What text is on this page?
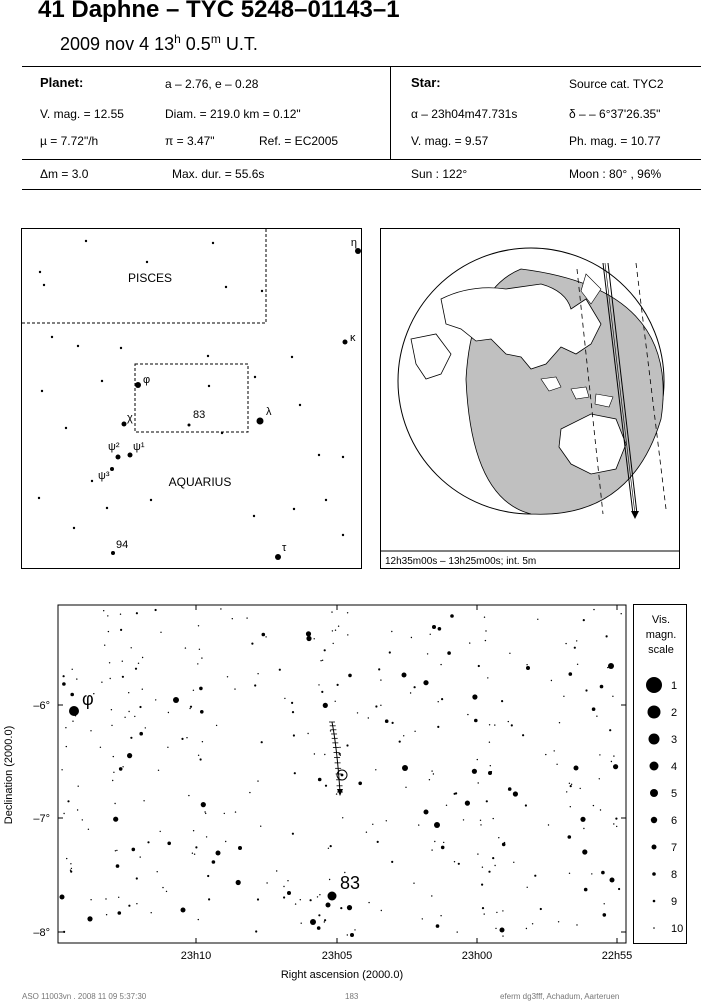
41 Daphne – TYC 5248–01143–1
2009 nov 4 13$^h$ 0.5$^m$ U.T.
Planet:	a – 2.76, e – 0.28
V. mag. = 12.55	Diam. = 219.0 km = 0.12"
µ = 7.72"/h	π = 3.47"	Ref. = EC2005
Star:	Source cat. TYC2
α – 23h04m47.731s	δ – – 6°37'26.35"
V. mag. = 9.57	Ph. mag. = 10.77
Δm = 3.0	Max. dur. = 55.6s	Sun : 122°	Moon : 80° , 96%
PISCES
AQUARIUS
η
κ
φ
χ	83	λ
ψ² ψ¹
ψ³
94	τ
12h35m00s – 13h25m00s; int. 5m
Declination (2000.0)
Right ascension (2000.0)
–6°
–7°
–8°
23h10	23h05	23h00	22h55
φ
83
Vis.
magn.
scale
1
2
3
4
5
6
7
8
9
10
ASO 11003vn . 2008 11 09 5:37:30	183	eferm dg3fff, Achadum, Aarteruen
